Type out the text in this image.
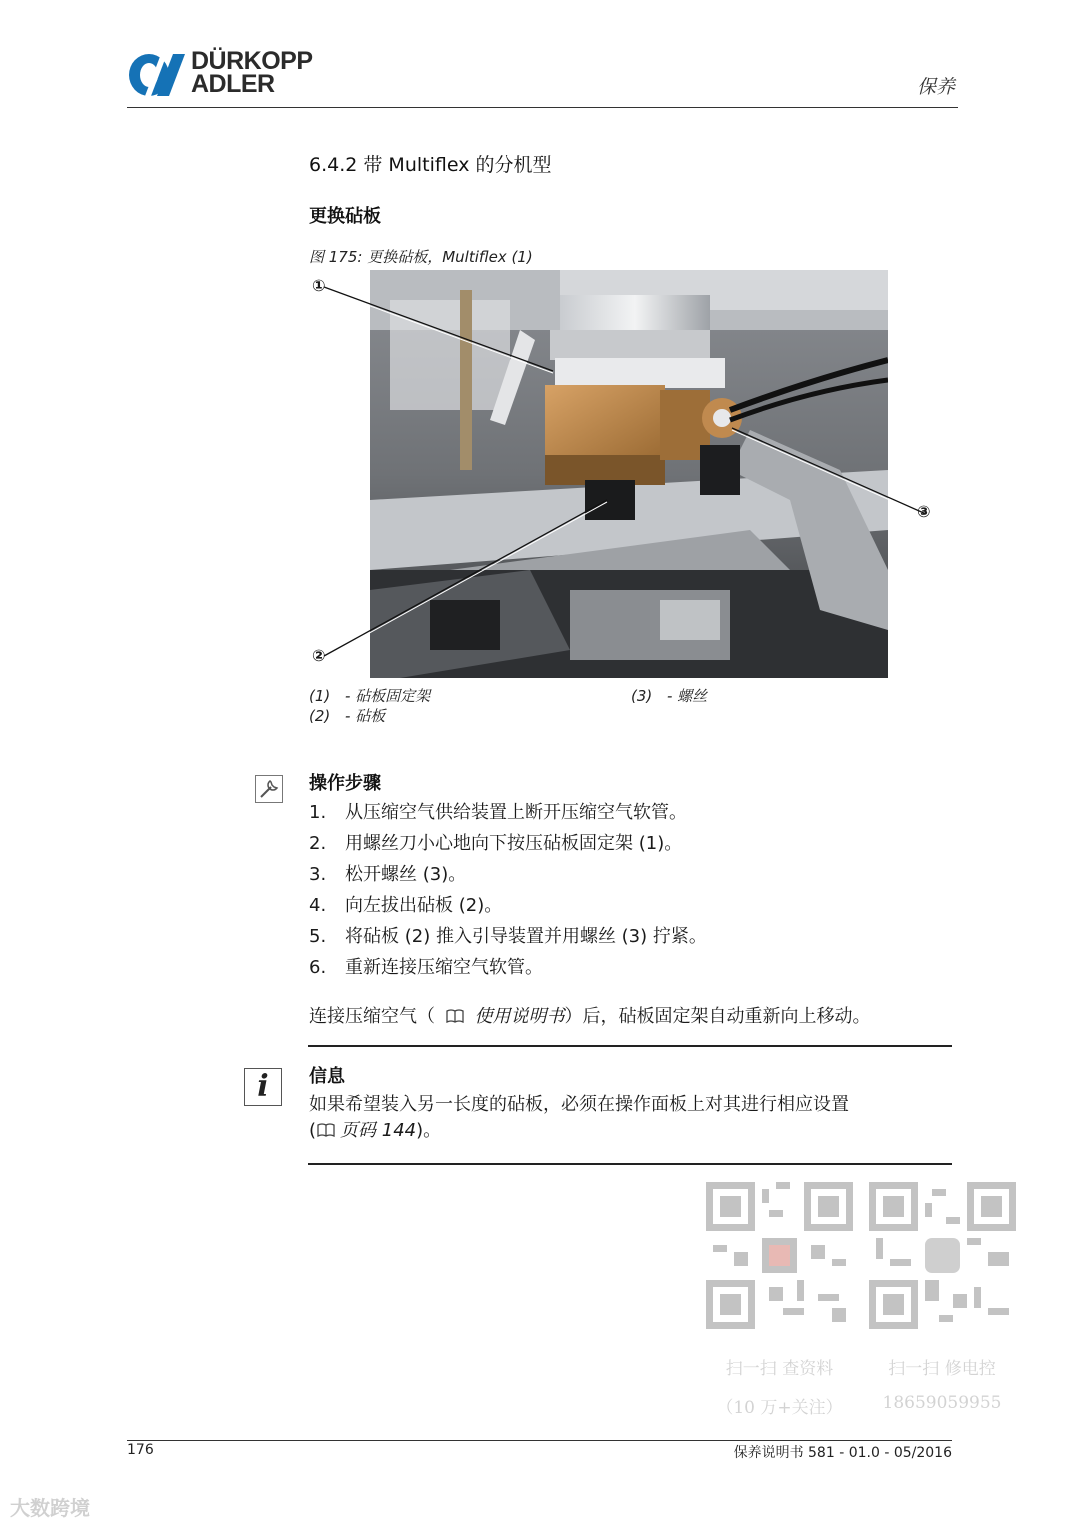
DÜRKOPP
ADLER	保养
6.4.2 带 Multiflex 的分机型
更换砧板
图 175: 更换砧板，Multiflex (1)
①
②
③
(1) - 砧板固定架
(2) - 砧板
(3) - 螺丝
操作步骤
1.	从压缩空气供给装置上断开压缩空气软管。
2.	用螺丝刀小心地向下按压砧板固定架 (1)。
3.	松开螺丝 (3)。
4.	向左拔出砧板 (2)。
5.	将砧板 (2) 推入引导装置并用螺丝 (3) 拧紧。
6.	重新连接压缩空气软管。
连接压缩空气（ 使用说明书）后，砧板固定架自动重新向上移动。
i	信息
如果希望装入另一长度的砧板，必须在操作面板上对其进行相应设置
( 页码 144)。
扫一扫 查资料
（10 万+关注）
扫一扫 修电控
18659059955
176	保养说明书 581 - 01.0 - 05/2016
大数跨境
